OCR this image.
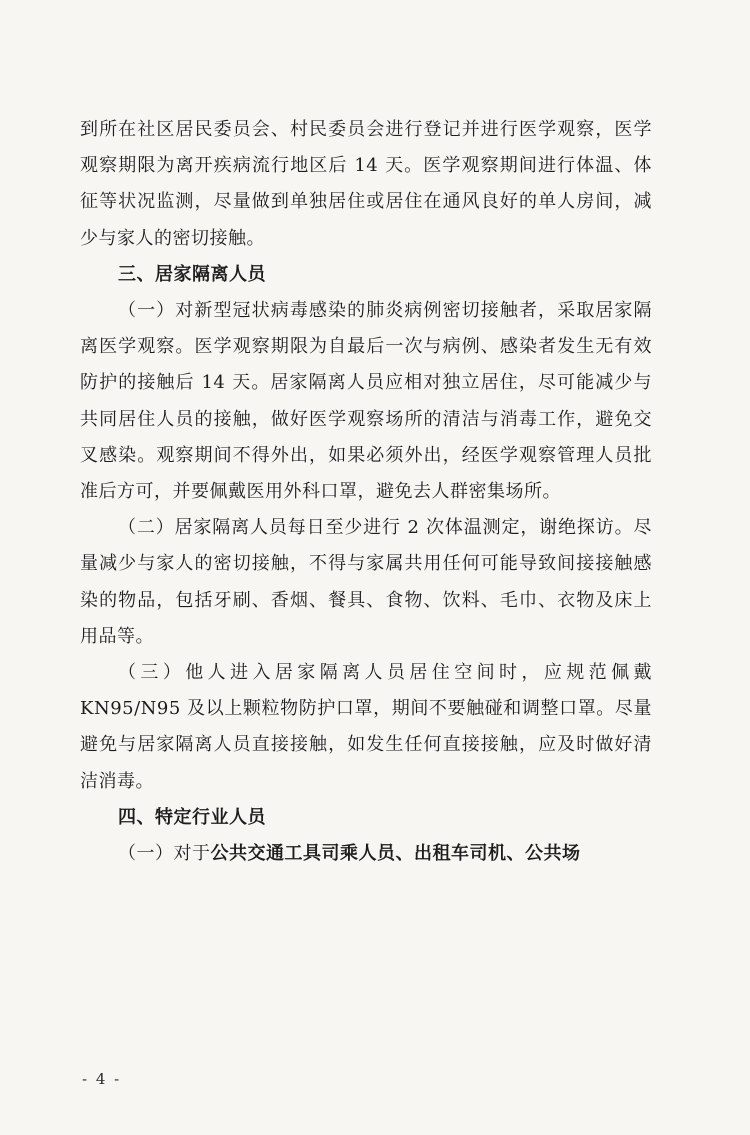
到所在社区居民委员会、村民委员会进行登记并进行医学观察，医学观察期限为离开疾病流行地区后 14 天。医学观察期间进行体温、体征等状况监测，尽量做到单独居住或居住在通风良好的单人房间，减少与家人的密切接触。

三、居家隔离人员

（一）对新型冠状病毒感染的肺炎病例密切接触者，采取居家隔离医学观察。医学观察期限为自最后一次与病例、感染者发生无有效防护的接触后 14 天。居家隔离人员应相对独立居住，尽可能减少与共同居住人员的接触，做好医学观察场所的清洁与消毒工作，避免交叉感染。观察期间不得外出，如果必须外出，经医学观察管理人员批准后方可，并要佩戴医用外科口罩，避免去人群密集场所。

（二）居家隔离人员每日至少进行 2 次体温测定，谢绝探访。尽量减少与家人的密切接触，不得与家属共用任何可能导致间接接触感染的物品，包括牙刷、香烟、餐具、食物、饮料、毛巾、衣物及床上用品等。

（三）他人进入居家隔离人员居住空间时，应规范佩戴 KN95/N95 及以上颗粒物防护口罩，期间不要触碰和调整口罩。尽量避免与居家隔离人员直接接触，如发生任何直接接触，应及时做好清洁消毒。

四、特定行业人员

（一）对于公共交通工具司乘人员、出租车司机、公共场

- 4 -
